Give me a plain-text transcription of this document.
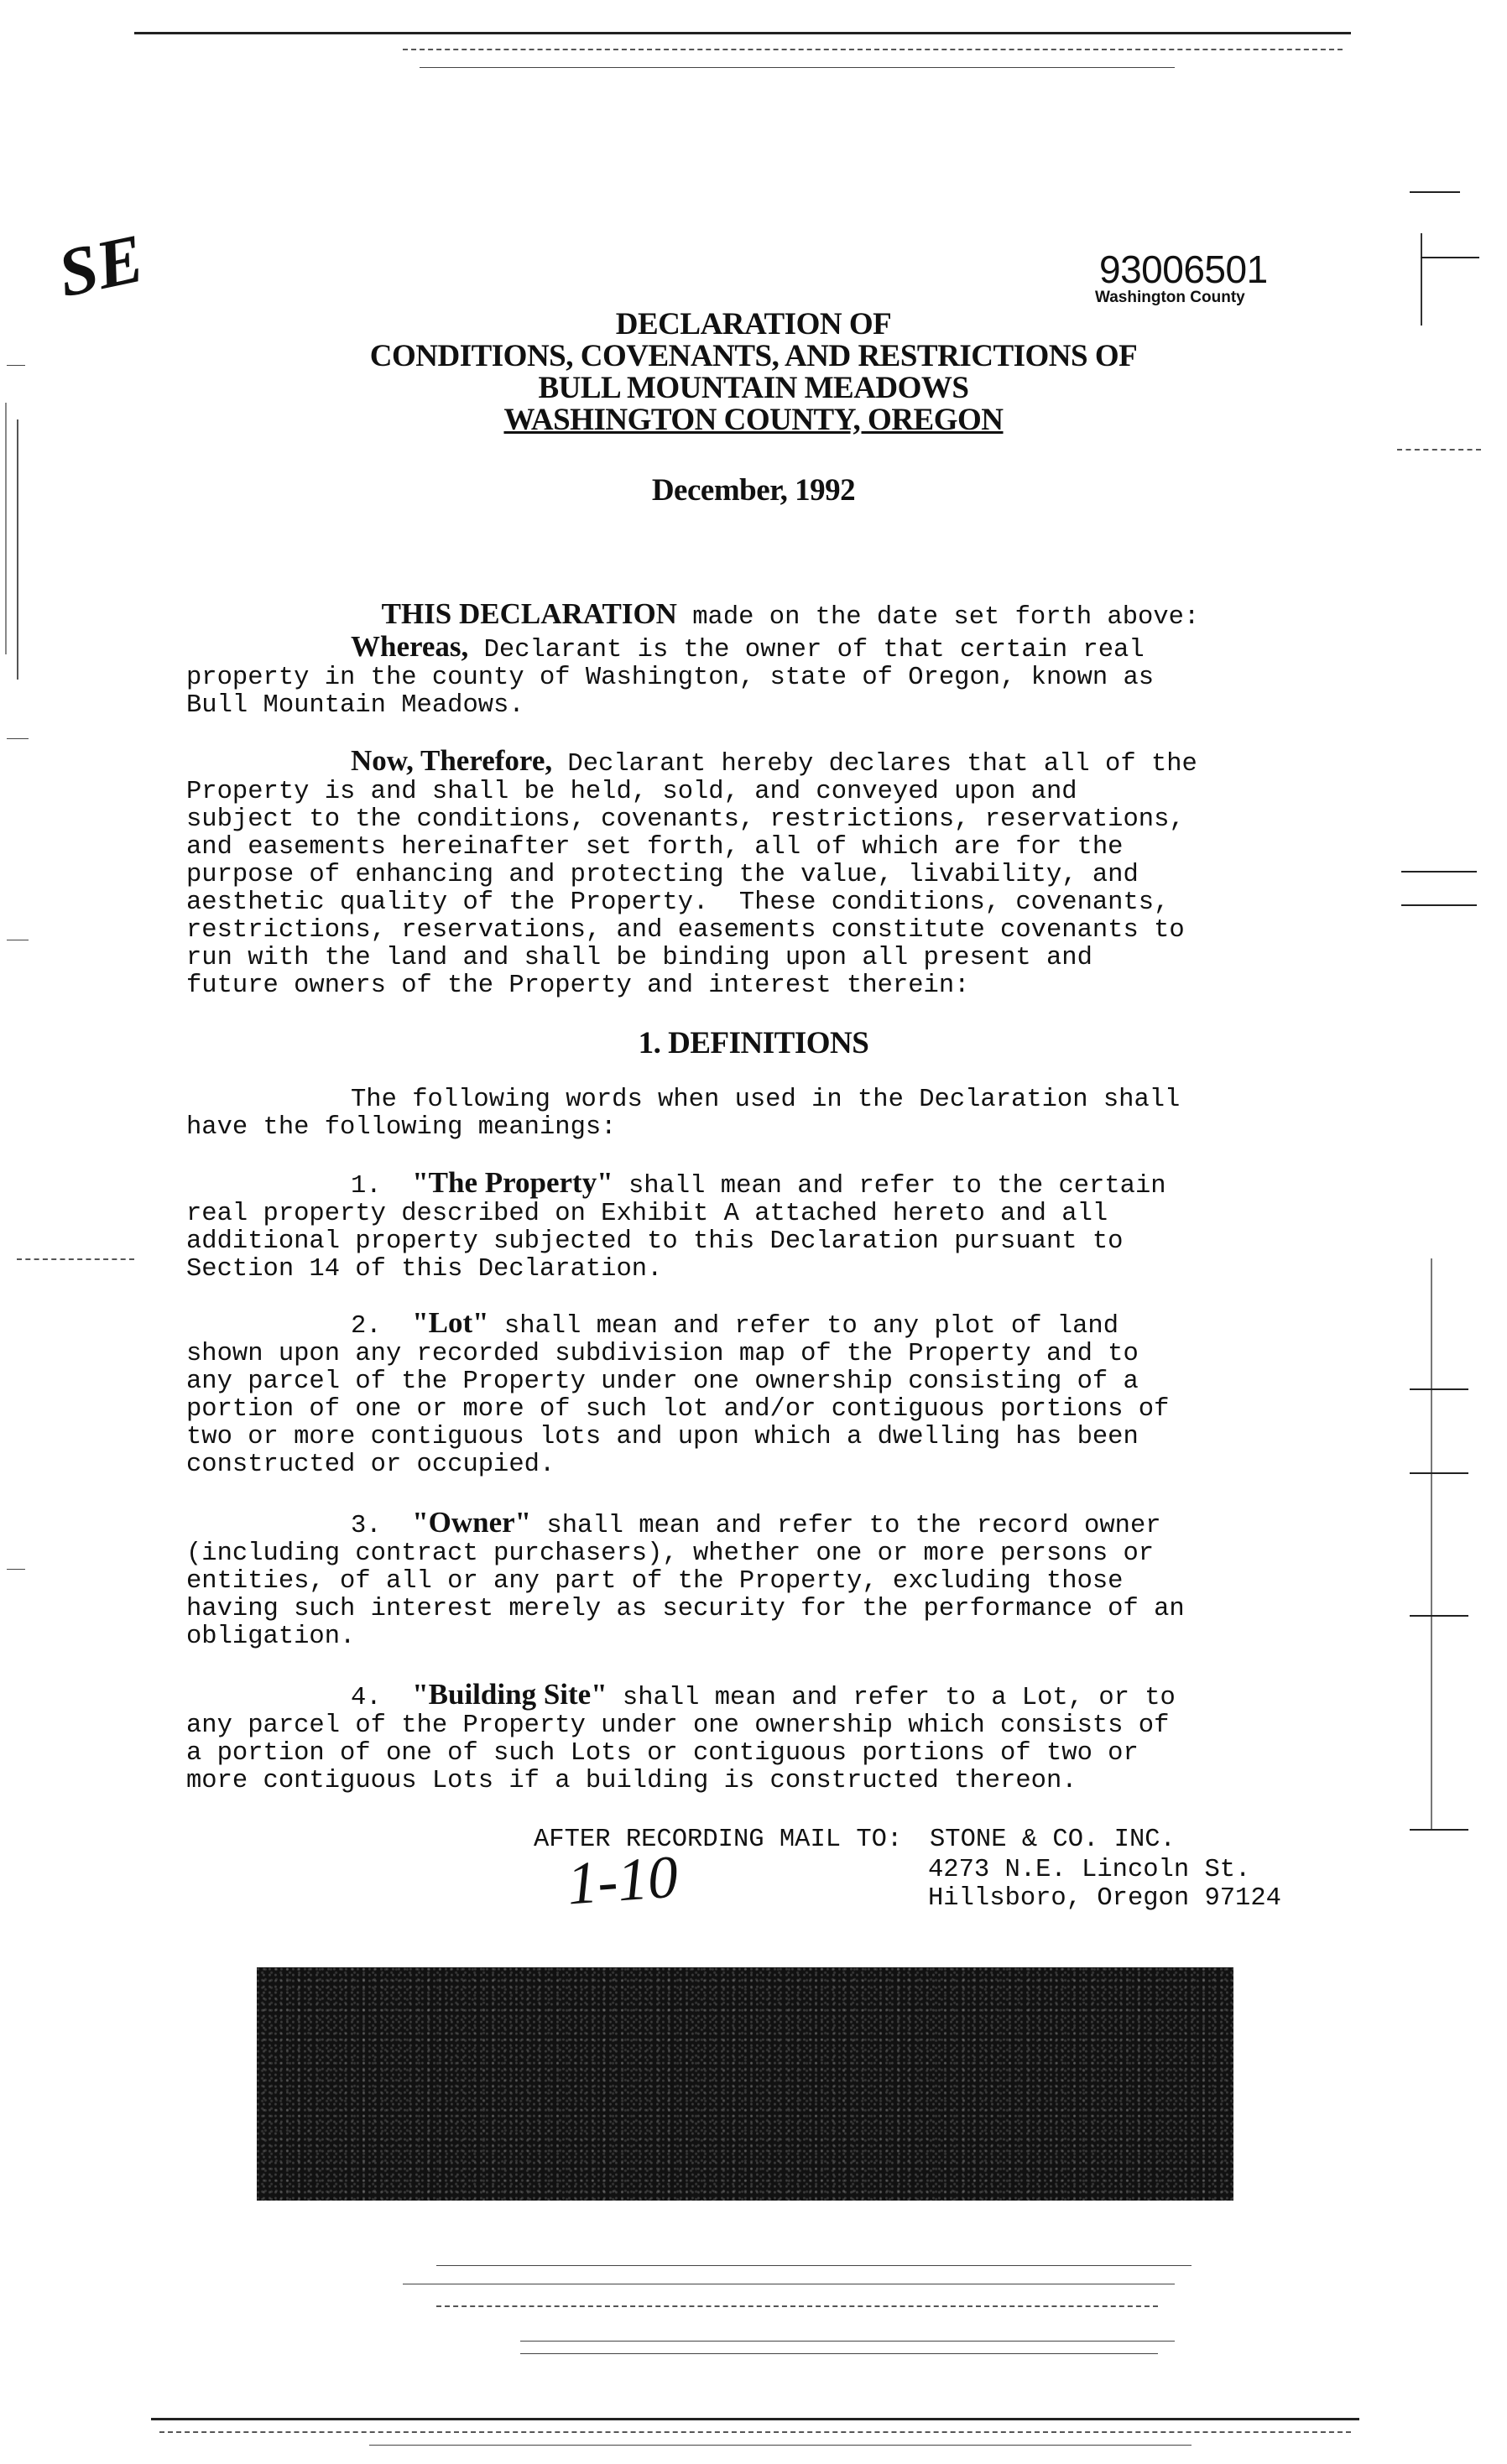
SE	93006501
Washington County
DECLARATION OF
CONDITIONS, COVENANTS, AND RESTRICTIONS OF
BULL MOUNTAIN MEADOWS
WASHINGTON COUNTY, OREGON
December, 1992

THIS DECLARATION made on the date set forth above:

Whereas, Declarant is the owner of that certain real
property in the county of Washington, state of Oregon, known as
Bull Mountain Meadows.
Now, Therefore, Declarant hereby declares that all of the
Property is and shall be held, sold, and conveyed upon and
subject to the conditions, covenants, restrictions, reservations,
and easements hereinafter set forth, all of which are for the
purpose of enhancing and protecting the value, livability, and
aesthetic quality of the Property.  These conditions, covenants,
restrictions, reservations, and easements constitute covenants to
run with the land and shall be binding upon all present and
future owners of the Property and interest therein:
1. DEFINITIONS
The following words when used in the Declaration shall
have the following meanings:
1. "The Property" shall mean and refer to the certain
real property described on Exhibit A attached hereto and all
additional property subjected to this Declaration pursuant to
Section 14 of this Declaration.
2. "Lot" shall mean and refer to any plot of land
shown upon any recorded subdivision map of the Property and to
any parcel of the Property under one ownership consisting of a
portion of one or more of such lot and/or contiguous portions of
two or more contiguous lots and upon which a dwelling has been
constructed or occupied.
3. "Owner" shall mean and refer to the record owner
(including contract purchasers), whether one or more persons or
entities, of all or any part of the Property, excluding those
having such interest merely as security for the performance of an
obligation.
4. "Building Site" shall mean and refer to a Lot, or to
any parcel of the Property under one ownership which consists of
a portion of one of such Lots or contiguous portions of two or
more contiguous Lots if a building is constructed thereon.
AFTER RECORDING MAIL TO: STONE & CO. INC.
4273 N.E. Lincoln St.
Hillsboro, Oregon 97124
1-10
